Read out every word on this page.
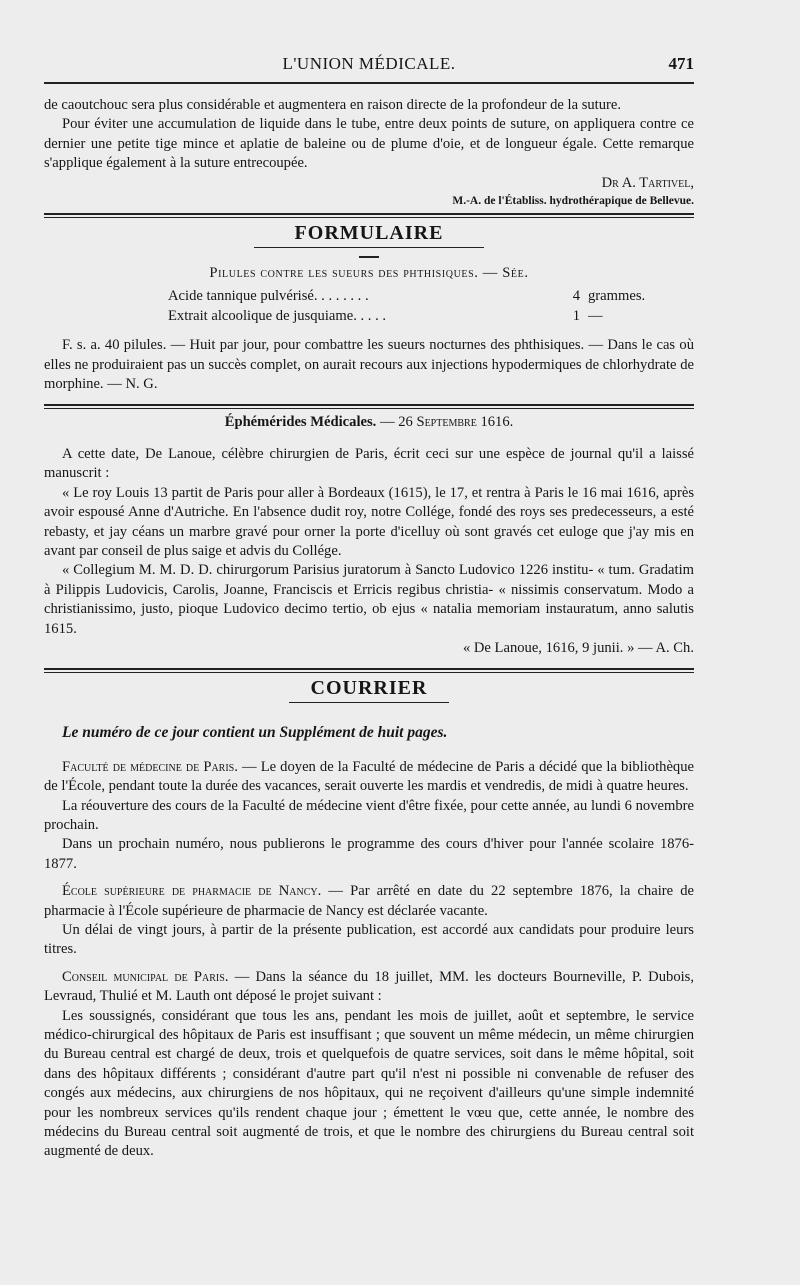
L'UNION MÉDICALE.	471

de caoutchouc sera plus considérable et augmentera en raison directe de la profondeur de la suture.

Pour éviter une accumulation de liquide dans le tube, entre deux points de suture, on appliquera contre ce dernier une petite tige mince et aplatie de baleine ou de plume d'oie, et de longueur égale. Cette remarque s'applique également à la suture entrecoupée.

Dr A. Tartivel,

M.-A. de l'Établiss. hydrothérapique de Bellevue.

FORMULAIRE

Pilules contre les sueurs des phthisiques. — Sée.

Acide tannique pulvérisé. . . . . . . .	4 grammes.
Extrait alcoolique de jusquiame. . . . .	1 —

F. s. a. 40 pilules. — Huit par jour, pour combattre les sueurs nocturnes des phthisiques. — Dans le cas où elles ne produiraient pas un succès complet, on aurait recours aux injections hypodermiques de chlorhydrate de morphine. — N. G.

Éphémérides Médicales. — 26 Septembre 1616.

A cette date, De Lanoue, célèbre chirurgien de Paris, écrit ceci sur une espèce de journal qu'il a laissé manuscrit :

« Le roy Louis 13 partit de Paris pour aller à Bordeaux (1615), le 17, et rentra à Paris le 16 mai 1616, après avoir espousé Anne d'Autriche. En l'absence dudit roy, notre Collége, fondé des roys ses predecesseurs, a esté rebasty, et jay céans un marbre gravé pour orner la porte d'icelluy où sont gravés cet euloge que j'ay mis en avant par conseil de plus saige et advis du Collége.

« Collegium M. M. D. D. chirurgorum Parisius juratorum à Sancto Ludovico 1226 institu- « tum. Gradatim à Pilippis Ludovicis, Carolis, Joanne, Franciscis et Erricis regibus christia- « nissimis conservatum. Modo a christianissimo, justo, pioque Ludovico decimo tertio, ob ejus « natalia memoriam instauratum, anno salutis 1615.

« De Lanoue, 1616, 9 junii. » — A. Ch.

COURRIER

Le numéro de ce jour contient un Supplément de huit pages.

Faculté de médecine de Paris. — Le doyen de la Faculté de médecine de Paris a décidé que la bibliothèque de l'École, pendant toute la durée des vacances, serait ouverte les mardis et vendredis, de midi à quatre heures.

La réouverture des cours de la Faculté de médecine vient d'être fixée, pour cette année, au lundi 6 novembre prochain.

Dans un prochain numéro, nous publierons le programme des cours d'hiver pour l'année scolaire 1876-1877.

École supérieure de pharmacie de Nancy. — Par arrêté en date du 22 septembre 1876, la chaire de pharmacie à l'École supérieure de pharmacie de Nancy est déclarée vacante.

Un délai de vingt jours, à partir de la présente publication, est accordé aux candidats pour produire leurs titres.

Conseil municipal de Paris. — Dans la séance du 18 juillet, MM. les docteurs Bourneville, P. Dubois, Levraud, Thulié et M. Lauth ont déposé le projet suivant :

Les soussignés, considérant que tous les ans, pendant les mois de juillet, août et septembre, le service médico-chirurgical des hôpitaux de Paris est insuffisant ; que souvent un même médecin, un même chirurgien du Bureau central est chargé de deux, trois et quelquefois de quatre services, soit dans le même hôpital, soit dans des hôpitaux différents ; considérant d'autre part qu'il n'est ni possible ni convenable de refuser des congés aux médecins, aux chirurgiens de nos hôpitaux, qui ne reçoivent d'ailleurs qu'une simple indemnité pour les nombreux services qu'ils rendent chaque jour ; émettent le vœu que, cette année, le nombre des médecins du Bureau central soit augmenté de trois, et que le nombre des chirurgiens du Bureau central soit augmenté de deux.
